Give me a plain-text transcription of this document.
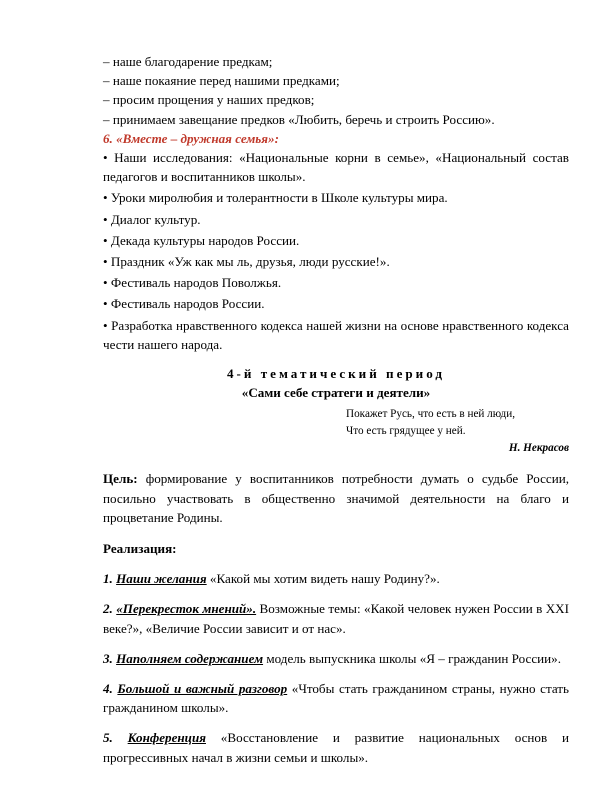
– наше благодарение предкам;

– наше покаяние перед нашими предками;

– просим прощения у наших предков;

– принимаем завещание предков «Любить, беречь и строить Россию».

6. «Вместе – дружная семья»:

• Наши исследования: «Национальные корни в семье», «Национальный состав педагогов и воспитанников школы».

• Уроки миролюбия и толерантности в Школе культуры мира.

• Диалог культур.

• Декада культуры народов России.

• Праздник «Уж как мы ль, друзья, люди русские!».

• Фестиваль народов Поволжья.

• Фестиваль народов России.

• Разработка нравственного кодекса нашей жизни на основе нравственного кодекса чести нашего народа.

4-й тематический период

«Сами себе стратеги и деятели»

Покажет Русь, что есть в ней люди,
Что есть грядущее у ней.
Н. Некрасов

Цель: формирование у воспитанников потребности думать о судьбе России, посильно участвовать в общественно значимой деятельности на благо и процветание Родины.

Реализация:

1. Наши желания «Какой мы хотим видеть нашу Родину?».

2. «Перекресток мнений». Возможные темы: «Какой человек нужен России в XXI веке?», «Величие России зависит и от нас».

3. Наполняем содержанием модель выпускника школы «Я – гражданин России».

4. Большой и важный разговор «Чтобы стать гражданином страны, нужно стать гражданином школы».

5. Конференция «Восстановление и развитие национальных основ и прогрессивных начал в жизни семьи и школы».
